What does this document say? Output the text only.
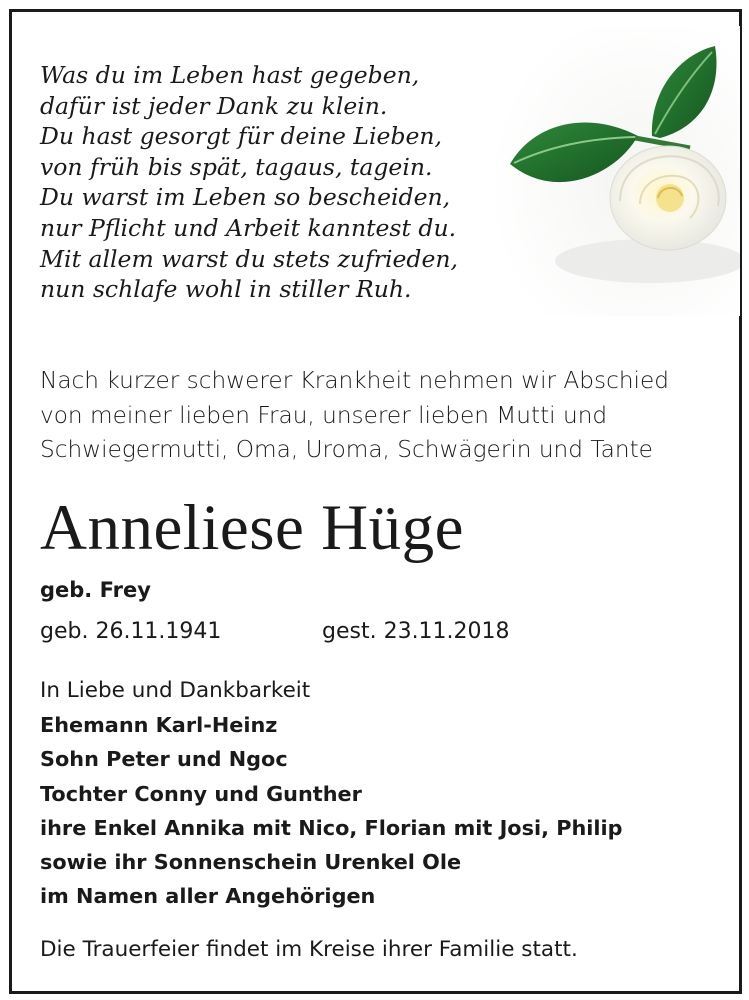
Was du im Leben hast gegeben,
dafür ist jeder Dank zu klein.
Du hast gesorgt für deine Lieben,
von früh bis spät, tagaus, tagein.
Du warst im Leben so bescheiden,
nur Pflicht und Arbeit kanntest du.
Mit allem warst du stets zufrieden,
nun schlafe wohl in stiller Ruh.
Nach kurzer schwerer Krankheit nehmen wir Abschied
von meiner lieben Frau, unserer lieben Mutti und
Schwiegermutti, Oma, Uroma, Schwägerin und Tante
Anneliese Hüge
geb. Frey
geb. 26.11.1941	gest. 23.11.2018
In Liebe und Dankbarkeit
Ehemann Karl-Heinz
Sohn Peter und Ngoc
Tochter Conny und Gunther
ihre Enkel Annika mit Nico, Florian mit Josi, Philip
sowie ihr Sonnenschein Urenkel Ole
im Namen aller Angehörigen
Die Trauerfeier findet im Kreise ihrer Familie statt.
